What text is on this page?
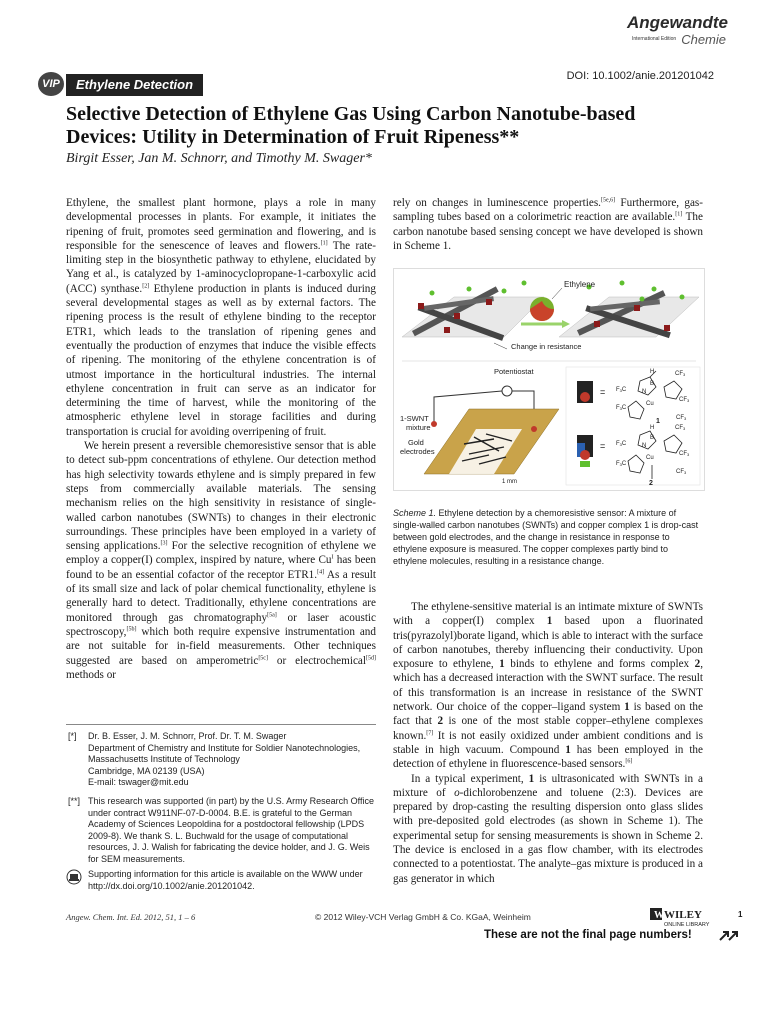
Angewandte
International Edition Chemie
VIP	Ethylene Detection
DOI: 10.1002/anie.201201042
Selective Detection of Ethylene Gas Using Carbon Nanotube-based Devices: Utility in Determination of Fruit Ripeness**
Birgit Esser, Jan M. Schnorr, and Timothy M. Swager*

Ethylene, the smallest plant hormone, plays a role in many developmental processes in plants. For example, it initiates the ripening of fruit, promotes seed germination and flowering, and is responsible for the senescence of leaves and flowers.[1] The rate-limiting step in the biosynthetic pathway to ethylene, elucidated by Yang et al., is catalyzed by 1-aminocyclopropane-1-carboxylic acid (ACC) synthase.[2] Ethylene production in plants is induced during several developmental stages as well as by external factors. The ripening process is the result of ethylene binding to the receptor ETR1, which leads to the translation of ripening genes and eventually the production of enzymes that induce the visible effects of ripening. The monitoring of the ethylene concentration is of utmost importance in the horticultural industries. The internal ethylene concentration in fruit can serve as an indicator for determining the time of harvest, while the monitoring of the atmospheric ethylene level in storage facilities and during transportation is crucial for avoiding overripening of fruit.

We herein present a reversible chemoresistive sensor that is able to detect sub-ppm concentrations of ethylene. Our detection method has high selectivity towards ethylene and is simply prepared in few steps from commercially available materials. The sensing mechanism relies on the high sensitivity in resistance of single-walled carbon nanotubes (SWNTs) to changes in their electronic surroundings. These principles have been employed in a variety of sensing applications.[3] For the selective recognition of ethylene we employ a copper(I) complex, inspired by nature, where $Cu^I$ has been found to be an essential cofactor of the receptor ETR1.[4] As a result of its small size and lack of polar chemical functionality, ethylene is generally hard to detect. Traditionally, ethylene concentrations are monitored through gas chromatography[5a] or laser acoustic spectroscopy,[5b] which both require expensive instrumentation and are not suitable for in-field measurements. Other techniques suggested are based on amperometric[5c] or electrochemical[5d] methods or

rely on changes in luminescence properties.[5e,6] Furthermore, gas-sampling tubes based on a colorimetric reaction are available.[1] The carbon nanotube based sensing concept we have developed is shown in Scheme 1.

Ethylene
Change in resistance
Potentiostat
1-SWNT
mixture
Gold
electrodes
1 mm
=
=
H
B
Cu
F3C
CF3
CF3
F3C
CF3
1
H
B
Cu
F3C
CF3
CF3
F3C
CF3
2
N
N
Scheme 1. Ethylene detection by a chemoresistive sensor: A mixture of single-walled carbon nanotubes (SWNTs) and copper complex 1 is drop-cast between gold electrodes, and the change in resistance in response to ethylene exposure is measured. The copper complexes partly bind to ethylene molecules, resulting in a resistance change.

The ethylene-sensitive material is an intimate mixture of SWNTs with a copper(I) complex 1 based upon a fluorinated tris(pyrazolyl)borate ligand, which is able to interact with the surface of carbon nanotubes, thereby influencing their conductivity. Upon exposure to ethylene, 1 binds to ethylene and forms complex 2, which has a decreased interaction with the SWNT surface. The result of this transformation is an increase in resistance of the SWNT network. Our choice of the copper–ligand system 1 is based on the fact that 2 is one of the most stable copper–ethylene complexes known.[7] It is not easily oxidized under ambient conditions and is stable in high vacuum. Compound 1 has been employed in the detection of ethylene in fluorescence-based sensors.[6]

In a typical experiment, 1 is ultrasonicated with SWNTs in a mixture of o-dichlorobenzene and toluene (2:3). Devices are prepared by drop-casting the resulting dispersion onto glass slides with pre-deposited gold electrodes (as shown in Scheme 1). The experimental setup for sensing measurements is shown in Scheme 2. The device is enclosed in a gas flow chamber, with its electrodes connected to a potentiostat. The analyte–gas mixture is produced in a gas generator in which

[*] Dr. B. Esser, J. M. Schnorr, Prof. Dr. T. M. Swager
Department of Chemistry and Institute for Soldier Nanotechnologies, Massachusetts Institute of Technology
Cambridge, MA 02139 (USA)
E-mail: tswager@mit.edu
[**] This research was supported (in part) by the U.S. Army Research Office under contract W911NF-07-D-0004. B.E. is grateful to the German Academy of Sciences Leopoldina for a postdoctoral fellowship (LPDS 2009-8). We thank S. L. Buchwald for the usage of computational resources, J. J. Walish for fabricating the device holder, and J. G. Weis for SEM measurements.
Supporting information for this article is available on the WWW under http://dx.doi.org/10.1002/anie.201201042.
Angew. Chem. Int. Ed. 2012, 51, 1 – 6	© 2012 Wiley-VCH Verlag GmbH & Co. KGaA, Weinheim	W WILEY
ONLINE LIBRARY
1
These are not the final page numbers!
